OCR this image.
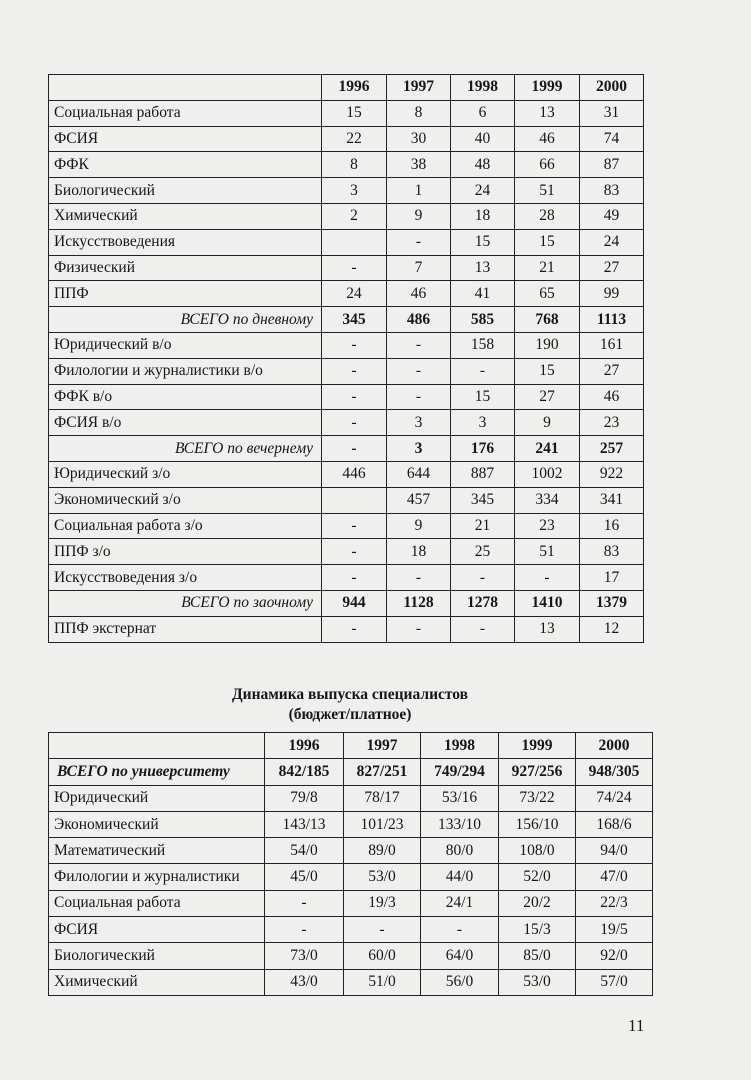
	1996	1997	1998	1999	2000
Социальная работа	15	8	6	13	31
ФСИЯ	22	30	40	46	74
ФФК	8	38	48	66	87
Биологический	3	1	24	51	83
Химический	2	9	18	28	49
Искусствоведения		-	15	15	24
Физический	-	7	13	21	27
ППФ	24	46	41	65	99
ВСЕГО по дневному	345	486	585	768	1113
Юридический в/о	-	-	158	190	161
Филологии и журналистики в/о	-	-	-	15	27
ФФК в/о	-	-	15	27	46
ФСИЯ в/о	-	3	3	9	23
ВСЕГО по вечернему	-	3	176	241	257
Юридический з/о	446	644	887	1002	922
Экономический з/о		457	345	334	341
Социальная работа з/о	-	9	21	23	16
ППФ з/о	-	18	25	51	83
Искусствоведения з/о	-	-	-	-	17
ВСЕГО по заочному	944	1128	1278	1410	1379
ППФ экстернат	-	-	-	13	12
Динамика выпуска специалистов
(бюджет/платное)
	1996	1997	1998	1999	2000
ВСЕГО по университету	842/185	827/251	749/294	927/256	948/305
Юридический	79/8	78/17	53/16	73/22	74/24
Экономический	143/13	101/23	133/10	156/10	168/6
Математический	54/0	89/0	80/0	108/0	94/0
Филологии и журналистики	45/0	53/0	44/0	52/0	47/0
Социальная работа	-	19/3	24/1	20/2	22/3
ФСИЯ	-	-	-	15/3	19/5
Биологический	73/0	60/0	64/0	85/0	92/0
Химический	43/0	51/0	56/0	53/0	57/0
11
